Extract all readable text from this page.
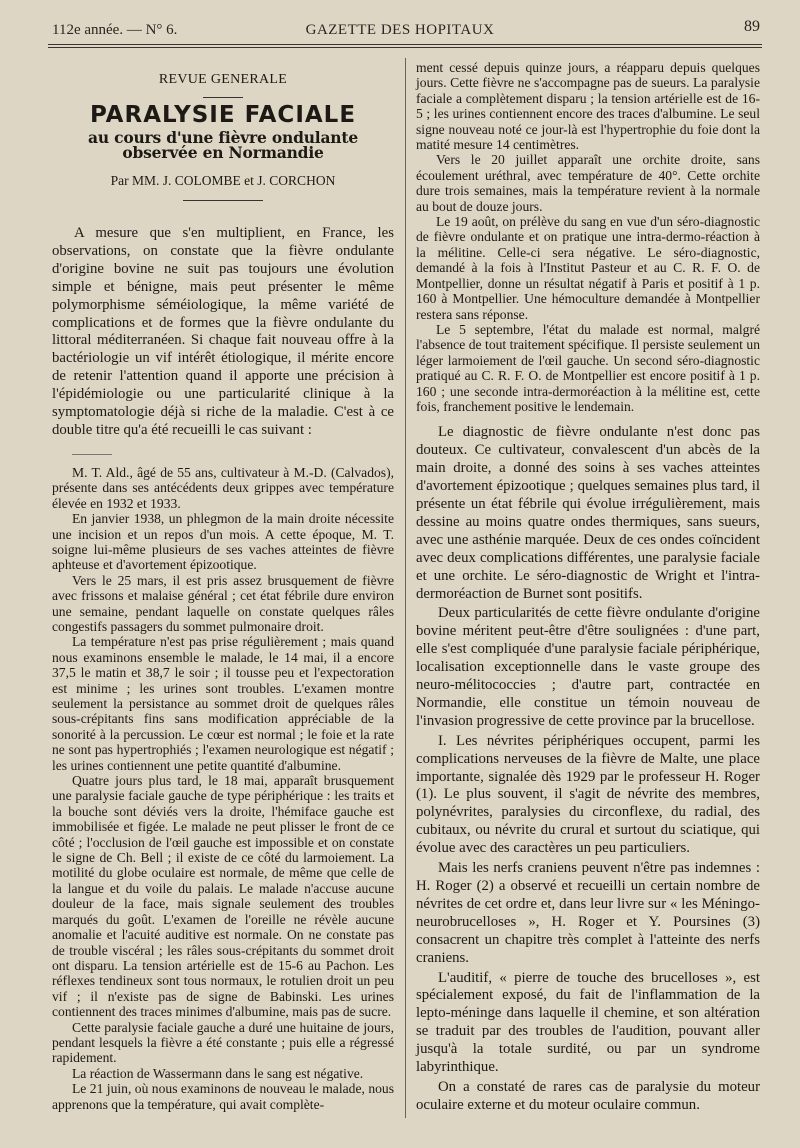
112e année. — N° 6.	GAZETTE DES HOPITAUX	89
REVUE GENERALE
PARALYSIE FACIALE
au cours d'une fièvre ondulante observée en Normandie
Par MM. J. COLOMBE et J. CORCHON

A mesure que s'en multiplient, en France, les observations, on constate que la fièvre ondulante d'origine bovine ne suit pas toujours une évolution simple et bénigne, mais peut présenter le même polymorphisme séméiologique, la même variété de complications et de formes que la fièvre ondulante du littoral méditerranéen. Si chaque fait nouveau offre à la bactériologie un vif intérêt étiologique, il mérite encore de retenir l'attention quand il apporte une précision à l'épidémiologie ou une particularité clinique à la symptomatologie déjà si riche de la maladie. C'est à ce double titre qu'a été recueilli le cas suivant :

M. T. Ald., âgé de 55 ans, cultivateur à M.-D. (Calvados), présente dans ses antécédents deux grippes avec température élevée en 1932 et 1933.

En janvier 1938, un phlegmon de la main droite nécessite une incision et un repos d'un mois. A cette époque, M. T. soigne lui-même plusieurs de ses vaches atteintes de fièvre aphteuse et d'avortement épizootique.

Vers le 25 mars, il est pris assez brusquement de fièvre avec frissons et malaise général ; cet état fébrile dure environ une semaine, pendant laquelle on constate quelques râles congestifs passagers du sommet pulmonaire droit.

La température n'est pas prise régulièrement ; mais quand nous examinons ensemble le malade, le 14 mai, il a encore 37,5 le matin et 38,7 le soir ; il tousse peu et l'expectoration est minime ; les urines sont troubles. L'examen montre seulement la persistance au sommet droit de quelques râles sous-crépitants fins sans modification appréciable de la sonorité à la percussion. Le cœur est normal ; le foie et la rate ne sont pas hypertrophiés ; l'examen neurologique est négatif ; les urines contiennent une petite quantité d'albumine.

Quatre jours plus tard, le 18 mai, apparaît brusquement une paralysie faciale gauche de type périphérique : les traits et la bouche sont déviés vers la droite, l'hémiface gauche est immobilisée et figée. Le malade ne peut plisser le front de ce côté ; l'occlusion de l'œil gauche est impossible et on constate le signe de Ch. Bell ; il existe de ce côté du larmoiement. La motilité du globe oculaire est normale, de même que celle de la langue et du voile du palais. Le malade n'accuse aucune douleur de la face, mais signale seulement des troubles marqués du goût. L'examen de l'oreille ne révèle aucune anomalie et l'acuité auditive est normale. On ne constate pas de trouble viscéral ; les râles sous-crépitants du sommet droit ont disparu. La tension artérielle est de 15-6 au Pachon. Les réflexes tendineux sont tous normaux, le rotulien droit un peu vif ; il n'existe pas de signe de Babinski. Les urines contiennent des traces minimes d'albumine, mais pas de sucre.

Cette paralysie faciale gauche a duré une huitaine de jours, pendant lesquels la fièvre a été constante ; puis elle a régressé rapidement.

La réaction de Wassermann dans le sang est négative.

Le 21 juin, où nous examinons de nouveau le malade, nous apprenons que la température, qui avait complète-

ment cessé depuis quinze jours, a réapparu depuis quelques jours. Cette fièvre ne s'accompagne pas de sueurs. La paralysie faciale a complètement disparu ; la tension artérielle est de 16-5 ; les urines contiennent encore des traces d'albumine. Le seul signe nouveau noté ce jour-là est l'hypertrophie du foie dont la matité mesure 14 centimètres.

Vers le 20 juillet apparaît une orchite droite, sans écoulement uréthral, avec température de 40°. Cette orchite dure trois semaines, mais la température revient à la normale au bout de douze jours.

Le 19 août, on prélève du sang en vue d'un séro-diagnostic de fièvre ondulante et on pratique une intra-dermo-réaction à la mélitine. Celle-ci sera négative. Le séro-diagnostic, demandé à la fois à l'Institut Pasteur et au C. R. F. O. de Montpellier, donne un résultat négatif à Paris et positif à 1 p. 160 à Montpellier. Une hémoculture demandée à Montpellier restera sans réponse.

Le 5 septembre, l'état du malade est normal, malgré l'absence de tout traitement spécifique. Il persiste seulement un léger larmoiement de l'œil gauche. Un second séro-diagnostic pratiqué au C. R. F. O. de Montpellier est encore positif à 1 p. 160 ; une seconde intra-dermoréaction à la mélitine est, cette fois, franchement positive le lendemain.

Le diagnostic de fièvre ondulante n'est donc pas douteux. Ce cultivateur, convalescent d'un abcès de la main droite, a donné des soins à ses vaches atteintes d'avortement épizootique ; quelques semaines plus tard, il présente un état fébrile qui évolue irrégulièrement, mais dessine au moins quatre ondes thermiques, sans sueurs, avec une asthénie marquée. Deux de ces ondes coïncident avec deux complications différentes, une paralysie faciale et une orchite. Le séro-diagnostic de Wright et l'intra-dermoréaction de Burnet sont positifs.

Deux particularités de cette fièvre ondulante d'origine bovine méritent peut-être d'être soulignées : d'une part, elle s'est compliquée d'une paralysie faciale périphérique, localisation exceptionnelle dans le vaste groupe des neuro-mélitococcies ; d'autre part, contractée en Normandie, elle constitue un témoin nouveau de l'invasion progressive de cette province par la brucellose.

I. Les névrites périphériques occupent, parmi les complications nerveuses de la fièvre de Malte, une place importante, signalée dès 1929 par le professeur H. Roger (1). Le plus souvent, il s'agit de névrite des membres, polynévrites, paralysies du circonflexe, du radial, des cubitaux, ou névrite du crural et surtout du sciatique, qui évolue avec des caractères un peu particuliers.

Mais les nerfs craniens peuvent n'être pas indemnes : H. Roger (2) a observé et recueilli un certain nombre de névrites de cet ordre et, dans leur livre sur « les Méningo-neurobrucelloses », H. Roger et Y. Poursines (3) consacrent un chapitre très complet à l'atteinte des nerfs craniens.

L'auditif, « pierre de touche des brucelloses », est spécialement exposé, du fait de l'inflammation de la lepto-méninge dans laquelle il chemine, et son altération se traduit par des troubles de l'audition, pouvant aller jusqu'à la totale surdité, ou par un syndrome labyrinthique.

On a constaté de rares cas de paralysie du moteur oculaire externe et du moteur oculaire commun.
